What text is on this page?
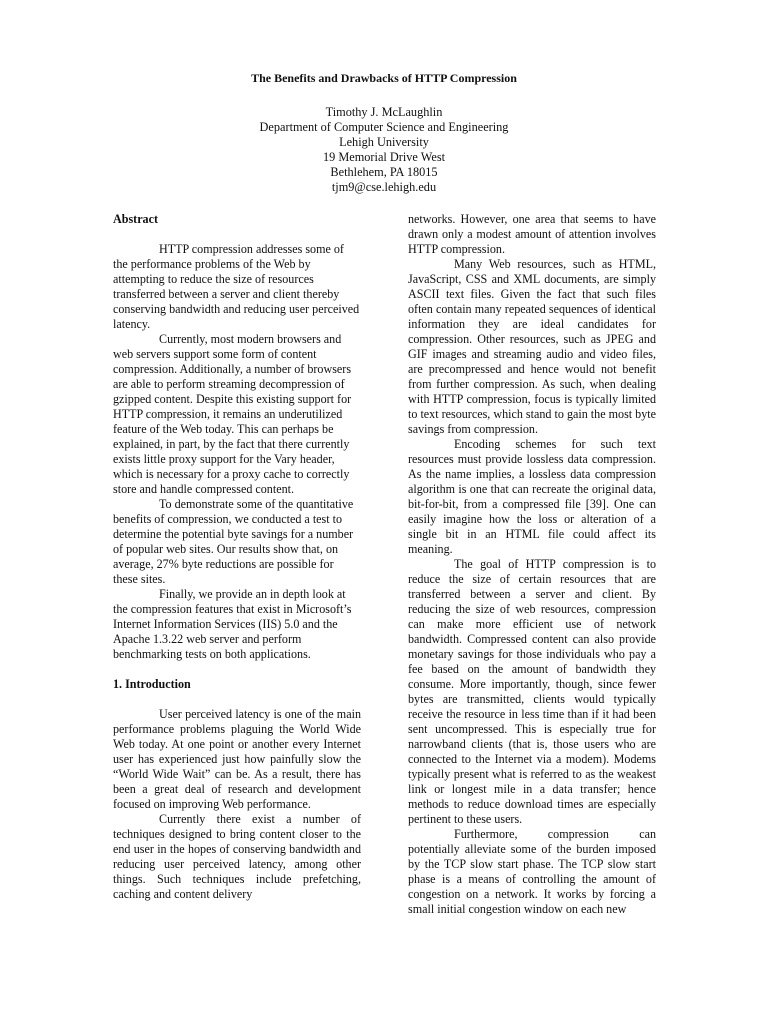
The Benefits and Drawbacks of HTTP Compression
Timothy J. McLaughlin
Department of Computer Science and Engineering
Lehigh University
19 Memorial Drive West
Bethlehem, PA 18015
tjm9@cse.lehigh.edu

Abstract

HTTP compression addresses some of the performance problems of the Web by attempting to reduce the size of resources transferred between a server and client thereby conserving bandwidth and reducing user perceived latency.

Currently, most modern browsers and web servers support some form of content compression. Additionally, a number of browsers are able to perform streaming decompression of gzipped content. Despite this existing support for HTTP compression, it remains an underutilized feature of the Web today. This can perhaps be explained, in part, by the fact that there currently exists little proxy support for the Vary header, which is necessary for a proxy cache to correctly store and handle compressed content.

To demonstrate some of the quantitative benefits of compression, we conducted a test to determine the potential byte savings for a number of popular web sites. Our results show that, on average, 27% byte reductions are possible for these sites.

Finally, we provide an in depth look at the compression features that exist in Microsoft’s Internet Information Services (IIS) 5.0 and the Apache 1.3.22 web server and perform benchmarking tests on both applications.

1. Introduction

User perceived latency is one of the main performance problems plaguing the World Wide Web today. At one point or another every Internet user has experienced just how painfully slow the “World Wide Wait” can be. As a result, there has been a great deal of research and development focused on improving Web performance.

Currently there exist a number of techniques designed to bring content closer to the end user in the hopes of conserving bandwidth and reducing user perceived latency, among other things. Such techniques include prefetching, caching and content delivery

networks. However, one area that seems to have drawn only a modest amount of attention involves HTTP compression.

Many Web resources, such as HTML, JavaScript, CSS and XML documents, are simply ASCII text files. Given the fact that such files often contain many repeated sequences of identical information they are ideal candidates for compression. Other resources, such as JPEG and GIF images and streaming audio and video files, are precompressed and hence would not benefit from further compression. As such, when dealing with HTTP compression, focus is typically limited to text resources, which stand to gain the most byte savings from compression.

Encoding schemes for such text resources must provide lossless data compression. As the name implies, a lossless data compression algorithm is one that can recreate the original data, bit-for-bit, from a compressed file [39]. One can easily imagine how the loss or alteration of a single bit in an HTML file could affect its meaning.

The goal of HTTP compression is to reduce the size of certain resources that are transferred between a server and client. By reducing the size of web resources, compression can make more efficient use of network bandwidth. Compressed content can also provide monetary savings for those individuals who pay a fee based on the amount of bandwidth they consume. More importantly, though, since fewer bytes are transmitted, clients would typically receive the resource in less time than if it had been sent uncompressed. This is especially true for narrowband clients (that is, those users who are connected to the Internet via a modem). Modems typically present what is referred to as the weakest link or longest mile in a data transfer; hence methods to reduce download times are especially pertinent to these users.

Furthermore, compression can potentially alleviate some of the burden imposed by the TCP slow start phase. The TCP slow start phase is a means of controlling the amount of congestion on a network. It works by forcing a small initial congestion window on each new
